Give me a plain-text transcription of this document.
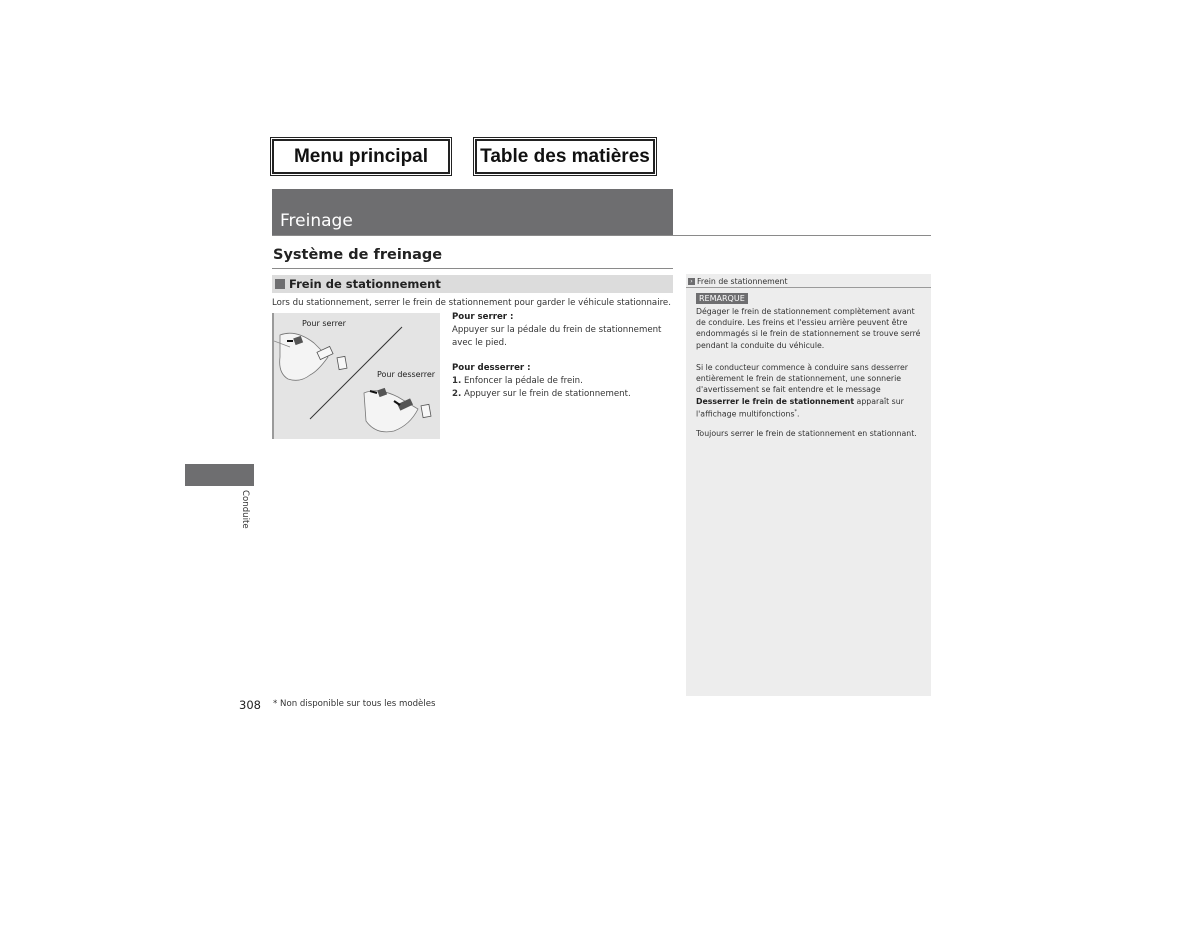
Menu principal	Table des matières
Freinage
Système de freinage
Frein de stationnement
Lors du stationnement, serrer le frein de stationnement pour garder le véhicule stationnaire.
Pour serrer
Pour desserrer
Pour serrer :
Appuyer sur la pédale du frein de stationnement avec le pied.
Pour desserrer :
1. Enfoncer la pédale de frein.
2. Appuyer sur le frein de stationnement.
› Frein de stationnement
REMARQUE
Dégager le frein de stationnement complètement avant de conduire. Les freins et l'essieu arrière peuvent être endommagés si le frein de stationnement se trouve serré pendant la conduite du véhicule.
Si le conducteur commence à conduire sans desserrer entièrement le frein de stationnement, une sonnerie d'avertissement se fait entendre et le message Desserrer le frein de stationnement apparaît sur l'affichage multifonctions*.
Toujours serrer le frein de stationnement en stationnant.
Conduite
308 * Non disponible sur tous les modèles
